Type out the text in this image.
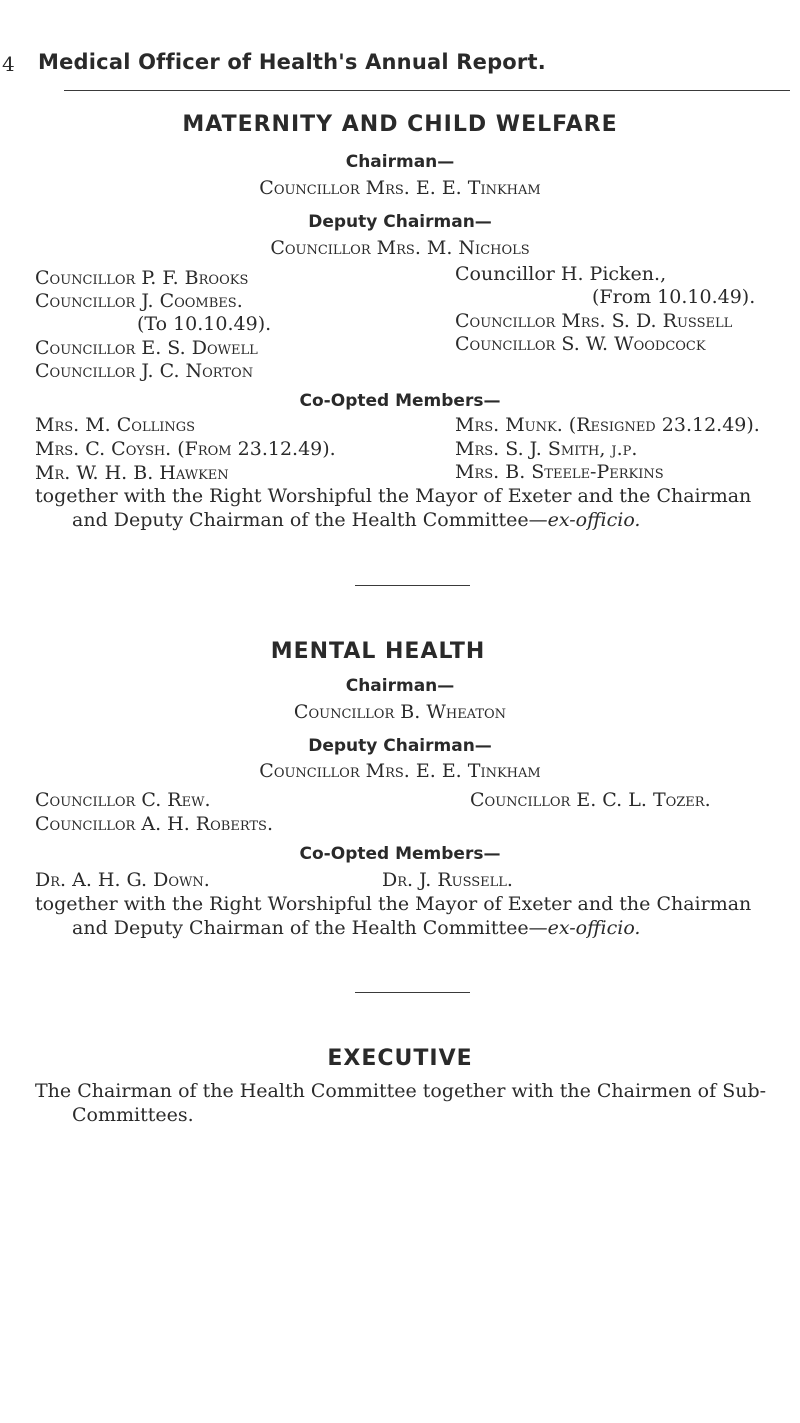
4 Medical Officer of Health's Annual Report.
MATERNITY AND CHILD WELFARE
Chairman—
Councillor Mrs. E. E. Tinkham
Deputy Chairman—
Councillor Mrs. M. Nichols
Councillor P. F. Brooks
Councillor J. Coombes.
(To 10.10.49).
Councillor E. S. Dowell
Councillor J. C. Norton
Councillor H. Picken.,
(From 10.10.49).
Councillor Mrs. S. D. Russell
Councillor S. W. Woodcock
Co-Opted Members—
Mrs. M. Collings
Mrs. C. Coysh. (From 23.12.49).
Mr. W. H. B. Hawken
Mrs. Munk. (Resigned 23.12.49).
Mrs. S. J. Smith, j.p.
Mrs. B. Steele-Perkins
together with the Right Worshipful the Mayor of Exeter and the Chairman
and Deputy Chairman of the Health Committee—ex-officio.
MENTAL HEALTH
Chairman—
Councillor B. Wheaton
Deputy Chairman—
Councillor Mrs. E. E. Tinkham
Councillor C. Rew.
Councillor A. H. Roberts.
Councillor E. C. L. Tozer.
Co-Opted Members—
Dr. A. H. G. Down.	Dr. J. Russell.
together with the Right Worshipful the Mayor of Exeter and the Chairman
and Deputy Chairman of the Health Committee—ex-officio.
EXECUTIVE
The Chairman of the Health Committee together with the Chairmen of Sub-
Committees.
